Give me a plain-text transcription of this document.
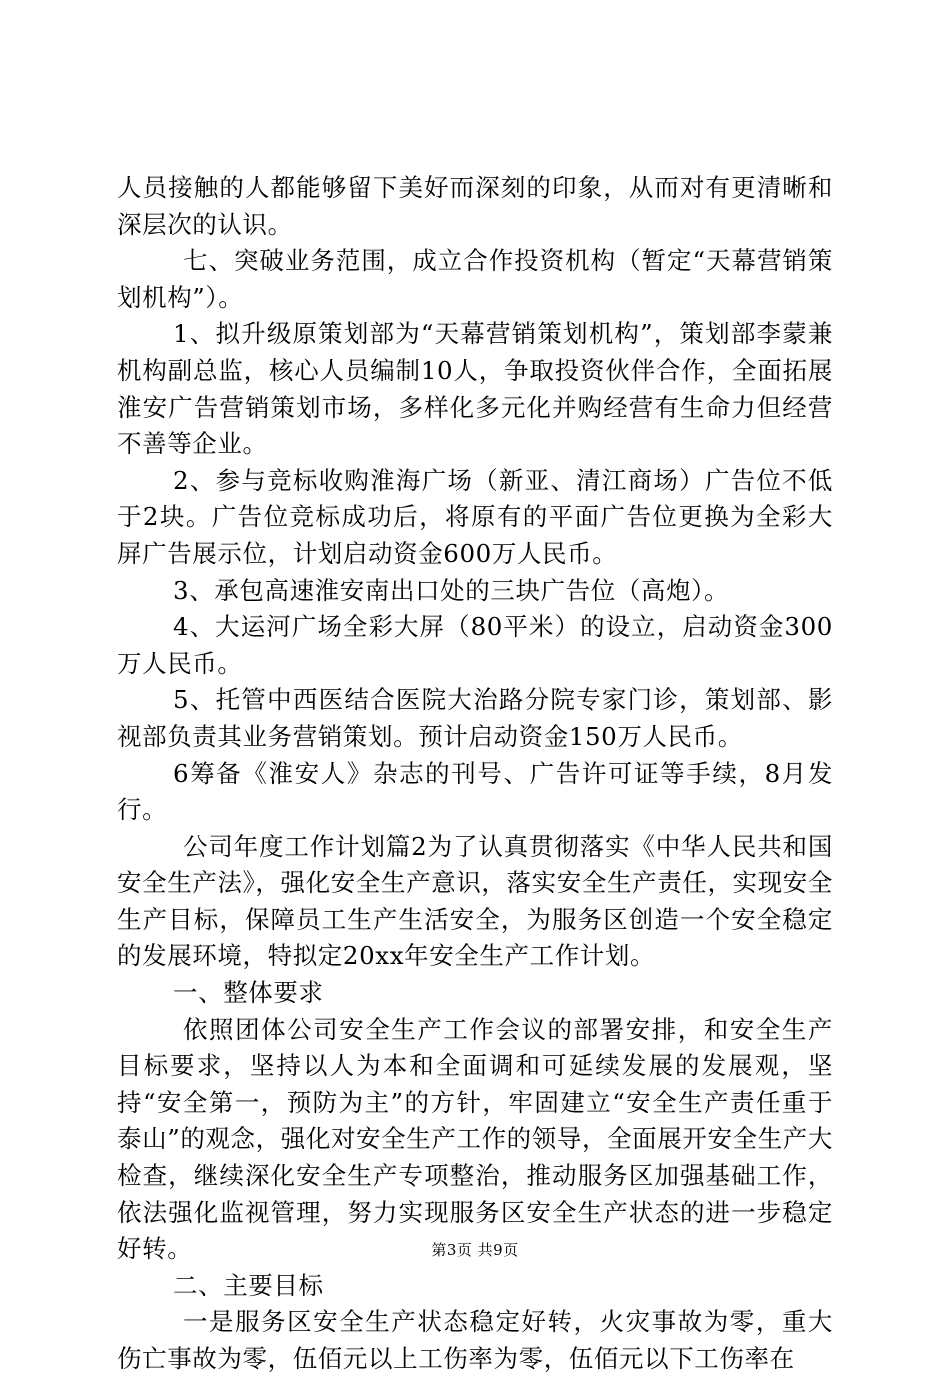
人员接触的人都能够留下美好而深刻的印象，从而对有更清晰和深层次的认识。

七、突破业务范围，成立合作投资机构（暂定“天幕营销策划机构”）。

1、拟升级原策划部为“天幕营销策划机构”，策划部李蒙兼机构副总监，核心人员编制10人，争取投资伙伴合作，全面拓展淮安广告营销策划市场，多样化多元化并购经营有生命力但经营不善等企业。

2、参与竞标收购淮海广场（新亚、清江商场）广告位不低于2块。广告位竞标成功后，将原有的平面广告位更换为全彩大屏广告展示位，计划启动资金600万人民币。

3、承包高速淮安南出口处的三块广告位（高炮）。

4、大运河广场全彩大屏（80平米）的设立，启动资金300万人民币。

5、托管中西医结合医院大治路分院专家门诊，策划部、影视部负责其业务营销策划。预计启动资金150万人民币。

6筹备《淮安人》杂志的刊号、广告许可证等手续，8月发行。

公司年度工作计划篇2为了认真贯彻落实《中华人民共和国安全生产法》，强化安全生产意识，落实安全生产责任，实现安全生产目标，保障员工生产生活安全，为服务区创造一个安全稳定的发展环境，特拟定20xx年安全生产工作计划。

一、整体要求

依照团体公司安全生产工作会议的部署安排，和安全生产目标要求，坚持以人为本和全面调和可延续发展的发展观，坚持“安全第一，预防为主”的方针，牢固建立“安全生产责任重于泰山”的观念，强化对安全生产工作的领导，全面展开安全生产大检查，继续深化安全生产专项整治，推动服务区加强基础工作，依法强化监视管理，努力实现服务区安全生产状态的进一步稳定好转。

二、主要目标

一是服务区安全生产状态稳定好转，火灾事故为零，重大伤亡事故为零，伍佰元以上工伤率为零，伍佰元以下工伤率在

第3页 共9页
